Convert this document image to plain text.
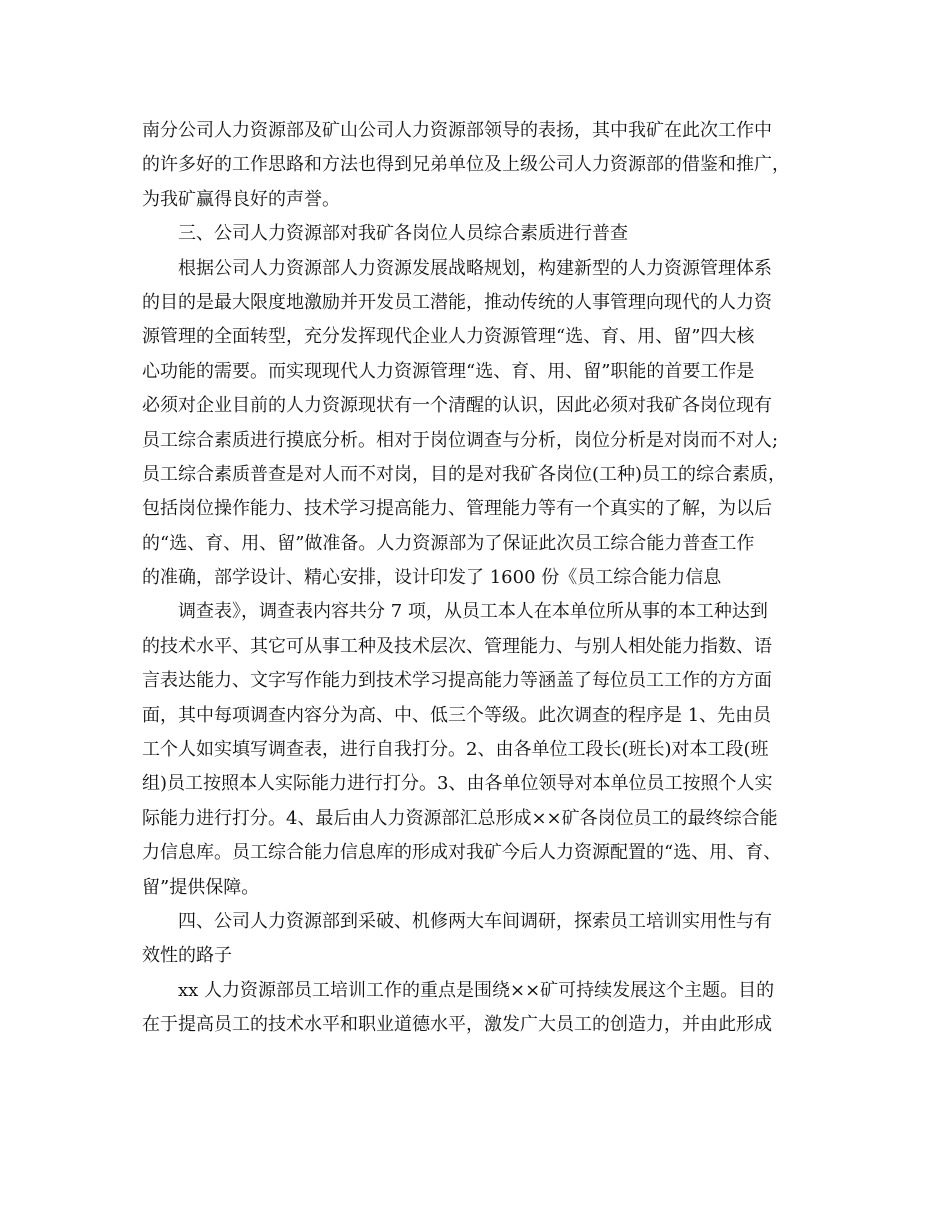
南分公司人力资源部及矿山公司人力资源部领导的表扬，其中我矿在此次工作中
的许多好的工作思路和方法也得到兄弟单位及上级公司人力资源部的借鉴和推广，
为我矿赢得良好的声誉。
三、公司人力资源部对我矿各岗位人员综合素质进行普查
根据公司人力资源部人力资源发展战略规划，构建新型的人力资源管理体系
的目的是最大限度地激励并开发员工潜能，推动传统的人事管理向现代的人力资
源管理的全面转型，充分发挥现代企业人力资源管理“选、育、用、留”四大核
心功能的需要。而实现现代人力资源管理“选、育、用、留”职能的首要工作是
必须对企业目前的人力资源现状有一个清醒的认识，因此必须对我矿各岗位现有
员工综合素质进行摸底分析。相对于岗位调查与分析，岗位分析是对岗而不对人;
员工综合素质普查是对人而不对岗，目的是对我矿各岗位(工种)员工的综合素质，
包括岗位操作能力、技术学习提高能力、管理能力等有一个真实的了解，为以后
的“选、育、用、留”做准备。人力资源部为了保证此次员工综合能力普查工作
的准确，部学设计、精心安排，设计印发了 1600 份《员工综合能力信息
调查表》，调查表内容共分 7 项，从员工本人在本单位所从事的本工种达到
的技术水平、其它可从事工种及技术层次、管理能力、与别人相处能力指数、语
言表达能力、文字写作能力到技术学习提高能力等涵盖了每位员工工作的方方面
面，其中每项调查内容分为高、中、低三个等级。此次调查的程序是 1、先由员
工个人如实填写调查表，进行自我打分。2、由各单位工段长(班长)对本工段(班
组)员工按照本人实际能力进行打分。3、由各单位领导对本单位员工按照个人实
际能力进行打分。4、最后由人力资源部汇总形成××矿各岗位员工的最终综合能
力信息库。员工综合能力信息库的形成对我矿今后人力资源配置的“选、用、育、
留”提供保障。
四、公司人力资源部到采破、机修两大车间调研，探索员工培训实用性与有
效性的路子
xx 人力资源部员工培训工作的重点是围绕××矿可持续发展这个主题。目的
在于提高员工的技术水平和职业道德水平，激发广大员工的创造力，并由此形成
